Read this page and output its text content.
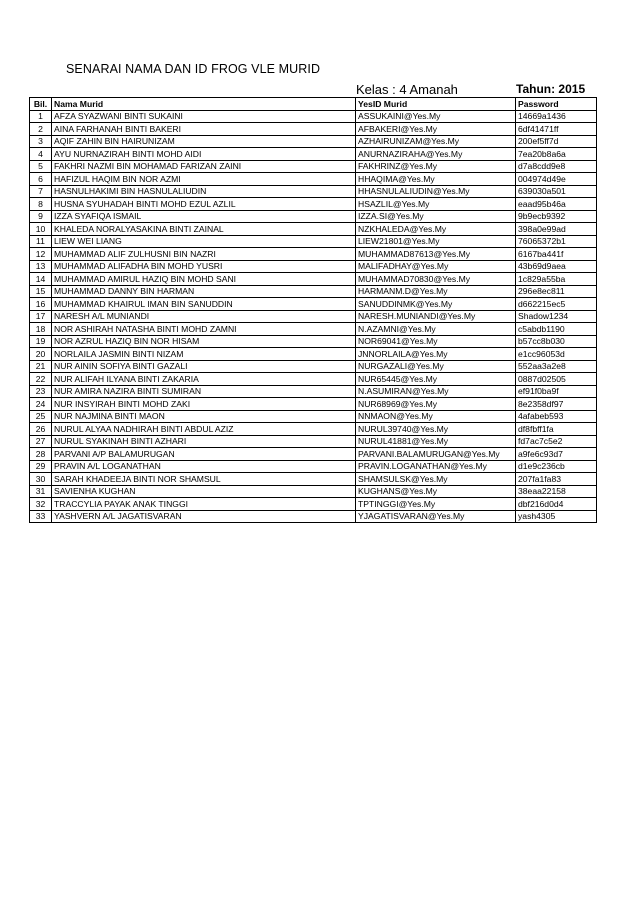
SENARAI NAMA DAN ID FROG VLE MURID
Kelas : 4 Amanah	Tahun: 2015
Bil.	Nama Murid	YesID Murid	Password
1	AFZA SYAZWANI BINTI SUKAINI	ASSUKAINI@Yes.My	14669a1436
2	AINA FARHANAH BINTI BAKERI	AFBAKERI@Yes.My	6df41471ff
3	AQIF ZAHIN BIN HAIRUNIZAM	AZHAIRUNIZAM@Yes.My	200ef5ff7d
4	AYU NURNAZIRAH BINTI MOHD AIDI	ANURNAZIRAHA@Yes.My	7ea20b8a6a
5	FAKHRI NAZMI BIN MOHAMAD FARIZAN ZAINI	FAKHRINZ@Yes.My	d7a8cdd9e8
6	HAFIZUL HAQIM BIN NOR AZMI	HHAQIMA@Yes.My	004974d49e
7	HASNULHAKIMI BIN HASNULALIUDIN	HHASNULALIUDIN@Yes.My	639030a501
8	HUSNA SYUHADAH BINTI MOHD EZUL AZLIL	HSAZLIL@Yes.My	eaad95b46a
9	IZZA SYAFIQA ISMAIL	IZZA.SI@Yes.My	9b9ecb9392
10	KHALEDA NORALYASAKINA BINTI ZAINAL	NZKHALEDA@Yes.My	398a0e99ad
11	LIEW WEI LIANG	LIEW21801@Yes.My	76065372b1
12	MUHAMMAD ALIF ZULHUSNI BIN NAZRI	MUHAMMAD87613@Yes.My	6167ba441f
13	MUHAMMAD ALIFADHA BIN MOHD YUSRI	MALIFADHAY@Yes.My	43b69d9aea
14	MUHAMMAD AMIRUL HAZIQ BIN MOHD SANI	MUHAMMAD70830@Yes.My	1c829a55ba
15	MUHAMMAD DANNY BIN HARMAN	HARMANM.D@Yes.My	296e8ec811
16	MUHAMMAD KHAIRUL IMAN BIN SANUDDIN	SANUDDINMK@Yes.My	d662215ec5
17	NARESH A/L MUNIANDI	NARESH.MUNIANDI@Yes.My	Shadow1234
18	NOR ASHIRAH NATASHA BINTI MOHD ZAMNI	N.AZAMNI@Yes.My	c5abdb1190
19	NOR AZRUL HAZIQ BIN NOR HISAM	NOR69041@Yes.My	b57cc8b030
20	NORLAILA JASMIN BINTI NIZAM	JNNORLAILA@Yes.My	e1cc96053d
21	NUR AININ SOFIYA BINTI GAZALI	NURGAZALI@Yes.My	552aa3a2e8
22	NUR ALIFAH ILYANA BINTI ZAKARIA	NUR65445@Yes.My	0887d02505
23	NUR AMIRA NAZIRA BINTI SUMIRAN	N.ASUMIRAN@Yes.My	ef91f0ba9f
24	NUR INSYIRAH BINTI MOHD ZAKI	NUR68969@Yes.My	8e2358df97
25	NUR NAJMINA BINTI MAON	NNMAON@Yes.My	4afabeb593
26	NURUL ALYAA NADHIRAH BINTI ABDUL AZIZ	NURUL39740@Yes.My	df8fbff1fa
27	NURUL SYAKINAH BINTI AZHARI	NURUL41881@Yes.My	fd7ac7c5e2
28	PARVANI A/P BALAMURUGAN	PARVANI.BALAMURUGAN@Yes.My	a9fe6c93d7
29	PRAVIN A/L LOGANATHAN	PRAVIN.LOGANATHAN@Yes.My	d1e9c236cb
30	SARAH KHADEEJA BINTI NOR SHAMSUL	SHAMSULSK@Yes.My	207fa1fa83
31	SAVIENHA KUGHAN	KUGHANS@Yes.My	38eaa22158
32	TRACCYLIA PAYAK ANAK TINGGI	TPTINGGI@Yes.My	dbf216d0d4
33	YASHVERN A/L JAGATISVARAN	YJAGATISVARAN@Yes.My	yash4305
